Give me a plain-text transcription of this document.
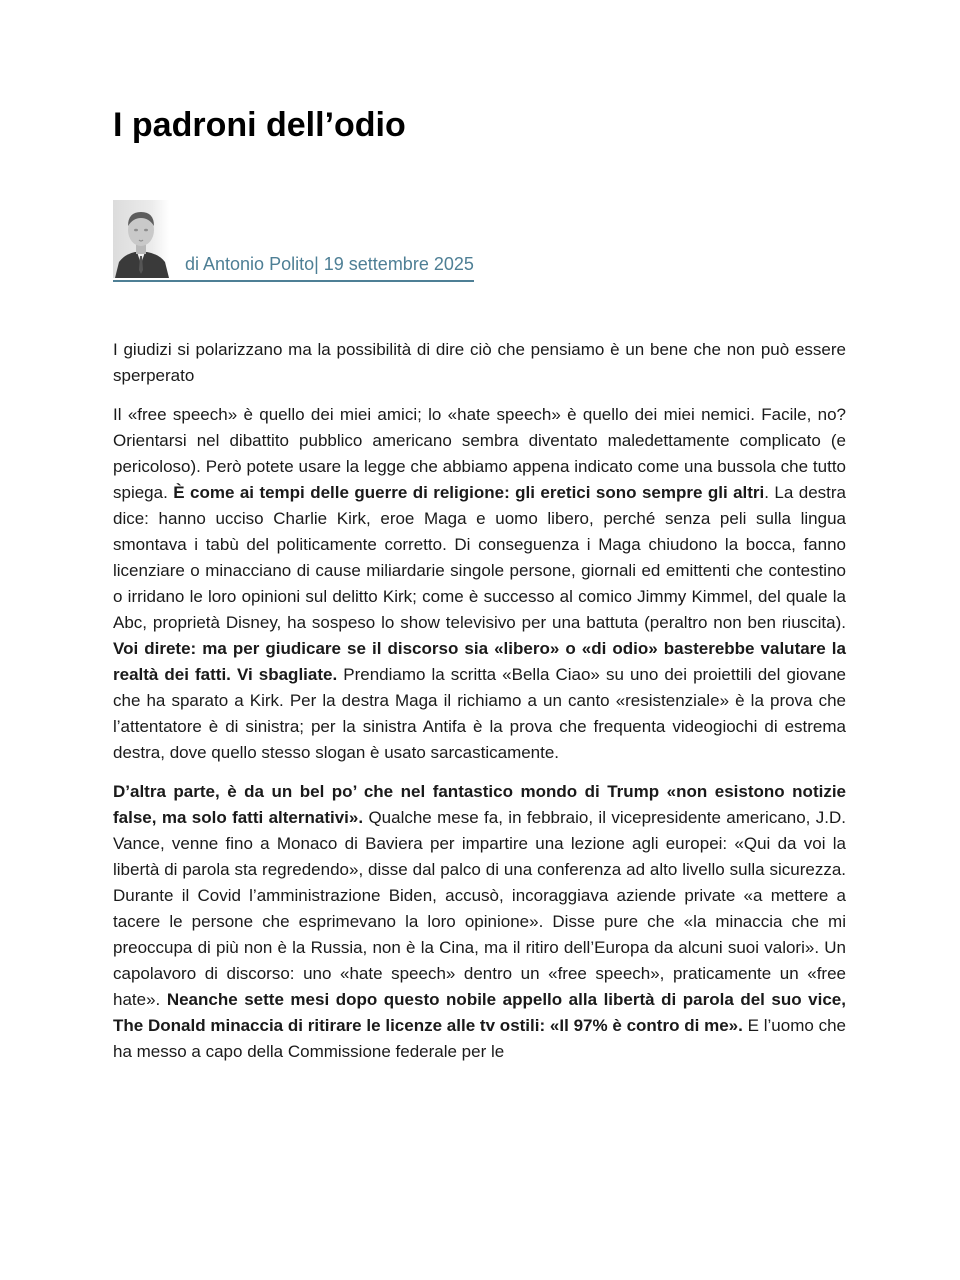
I padroni dell’odio
di Antonio Polito| 19 settembre 2025

I giudizi si polarizzano ma la possibilità di dire ciò che pensiamo è un bene che non può essere sperperato

Il «free speech» è quello dei miei amici; lo «hate speech» è quello dei miei nemici. Facile, no? Orientarsi nel dibattito pubblico americano sembra diventato maledettamente complicato (e pericoloso). Però potete usare la legge che abbiamo appena indicato come una bussola che tutto spiega. È come ai tempi delle guerre di religione: gli eretici sono sempre gli altri. La destra dice: hanno ucciso Charlie Kirk, eroe Maga e uomo libero, perché senza peli sulla lingua smontava i tabù del politicamente corretto. Di conseguenza i Maga chiudono la bocca, fanno licenziare o minacciano di cause miliardarie singole persone, giornali ed emittenti che contestino o irridano le loro opinioni sul delitto Kirk; come è successo al comico Jimmy Kimmel, del quale la Abc, proprietà Disney, ha sospeso lo show televisivo per una battuta (peraltro non ben riuscita). Voi direte: ma per giudicare se il discorso sia «libero» o «di odio» basterebbe valutare la realtà dei fatti. Vi sbagliate. Prendiamo la scritta «Bella Ciao» su uno dei proiettili del giovane che ha sparato a Kirk. Per la destra Maga il richiamo a un canto «resistenziale» è la prova che l’attentatore è di sinistra; per la sinistra Antifa è la prova che frequenta videogiochi di estrema destra, dove quello stesso slogan è usato sarcasticamente.

D’altra parte, è da un bel po’ che nel fantastico mondo di Trump «non esistono notizie false, ma solo fatti alternativi». Qualche mese fa, in febbraio, il vicepresidente americano, J.D. Vance, venne fino a Monaco di Baviera per impartire una lezione agli europei: «Qui da voi la libertà di parola sta regredendo», disse dal palco di una conferenza ad alto livello sulla sicurezza. Durante il Covid l’amministrazione Biden, accusò, incoraggiava aziende private «a mettere a tacere le persone che esprimevano la loro opinione». Disse pure che «la minaccia che mi preoccupa di più non è la Russia, non è la Cina, ma il ritiro dell’Europa da alcuni suoi valori». Un capolavoro di discorso: uno «hate speech» dentro un «free speech», praticamente un «free hate». Neanche sette mesi dopo questo nobile appello alla libertà di parola del suo vice, The Donald minaccia di ritirare le licenze alle tv ostili: «Il 97% è contro di me». E l’uomo che ha messo a capo della Commissione federale per le
